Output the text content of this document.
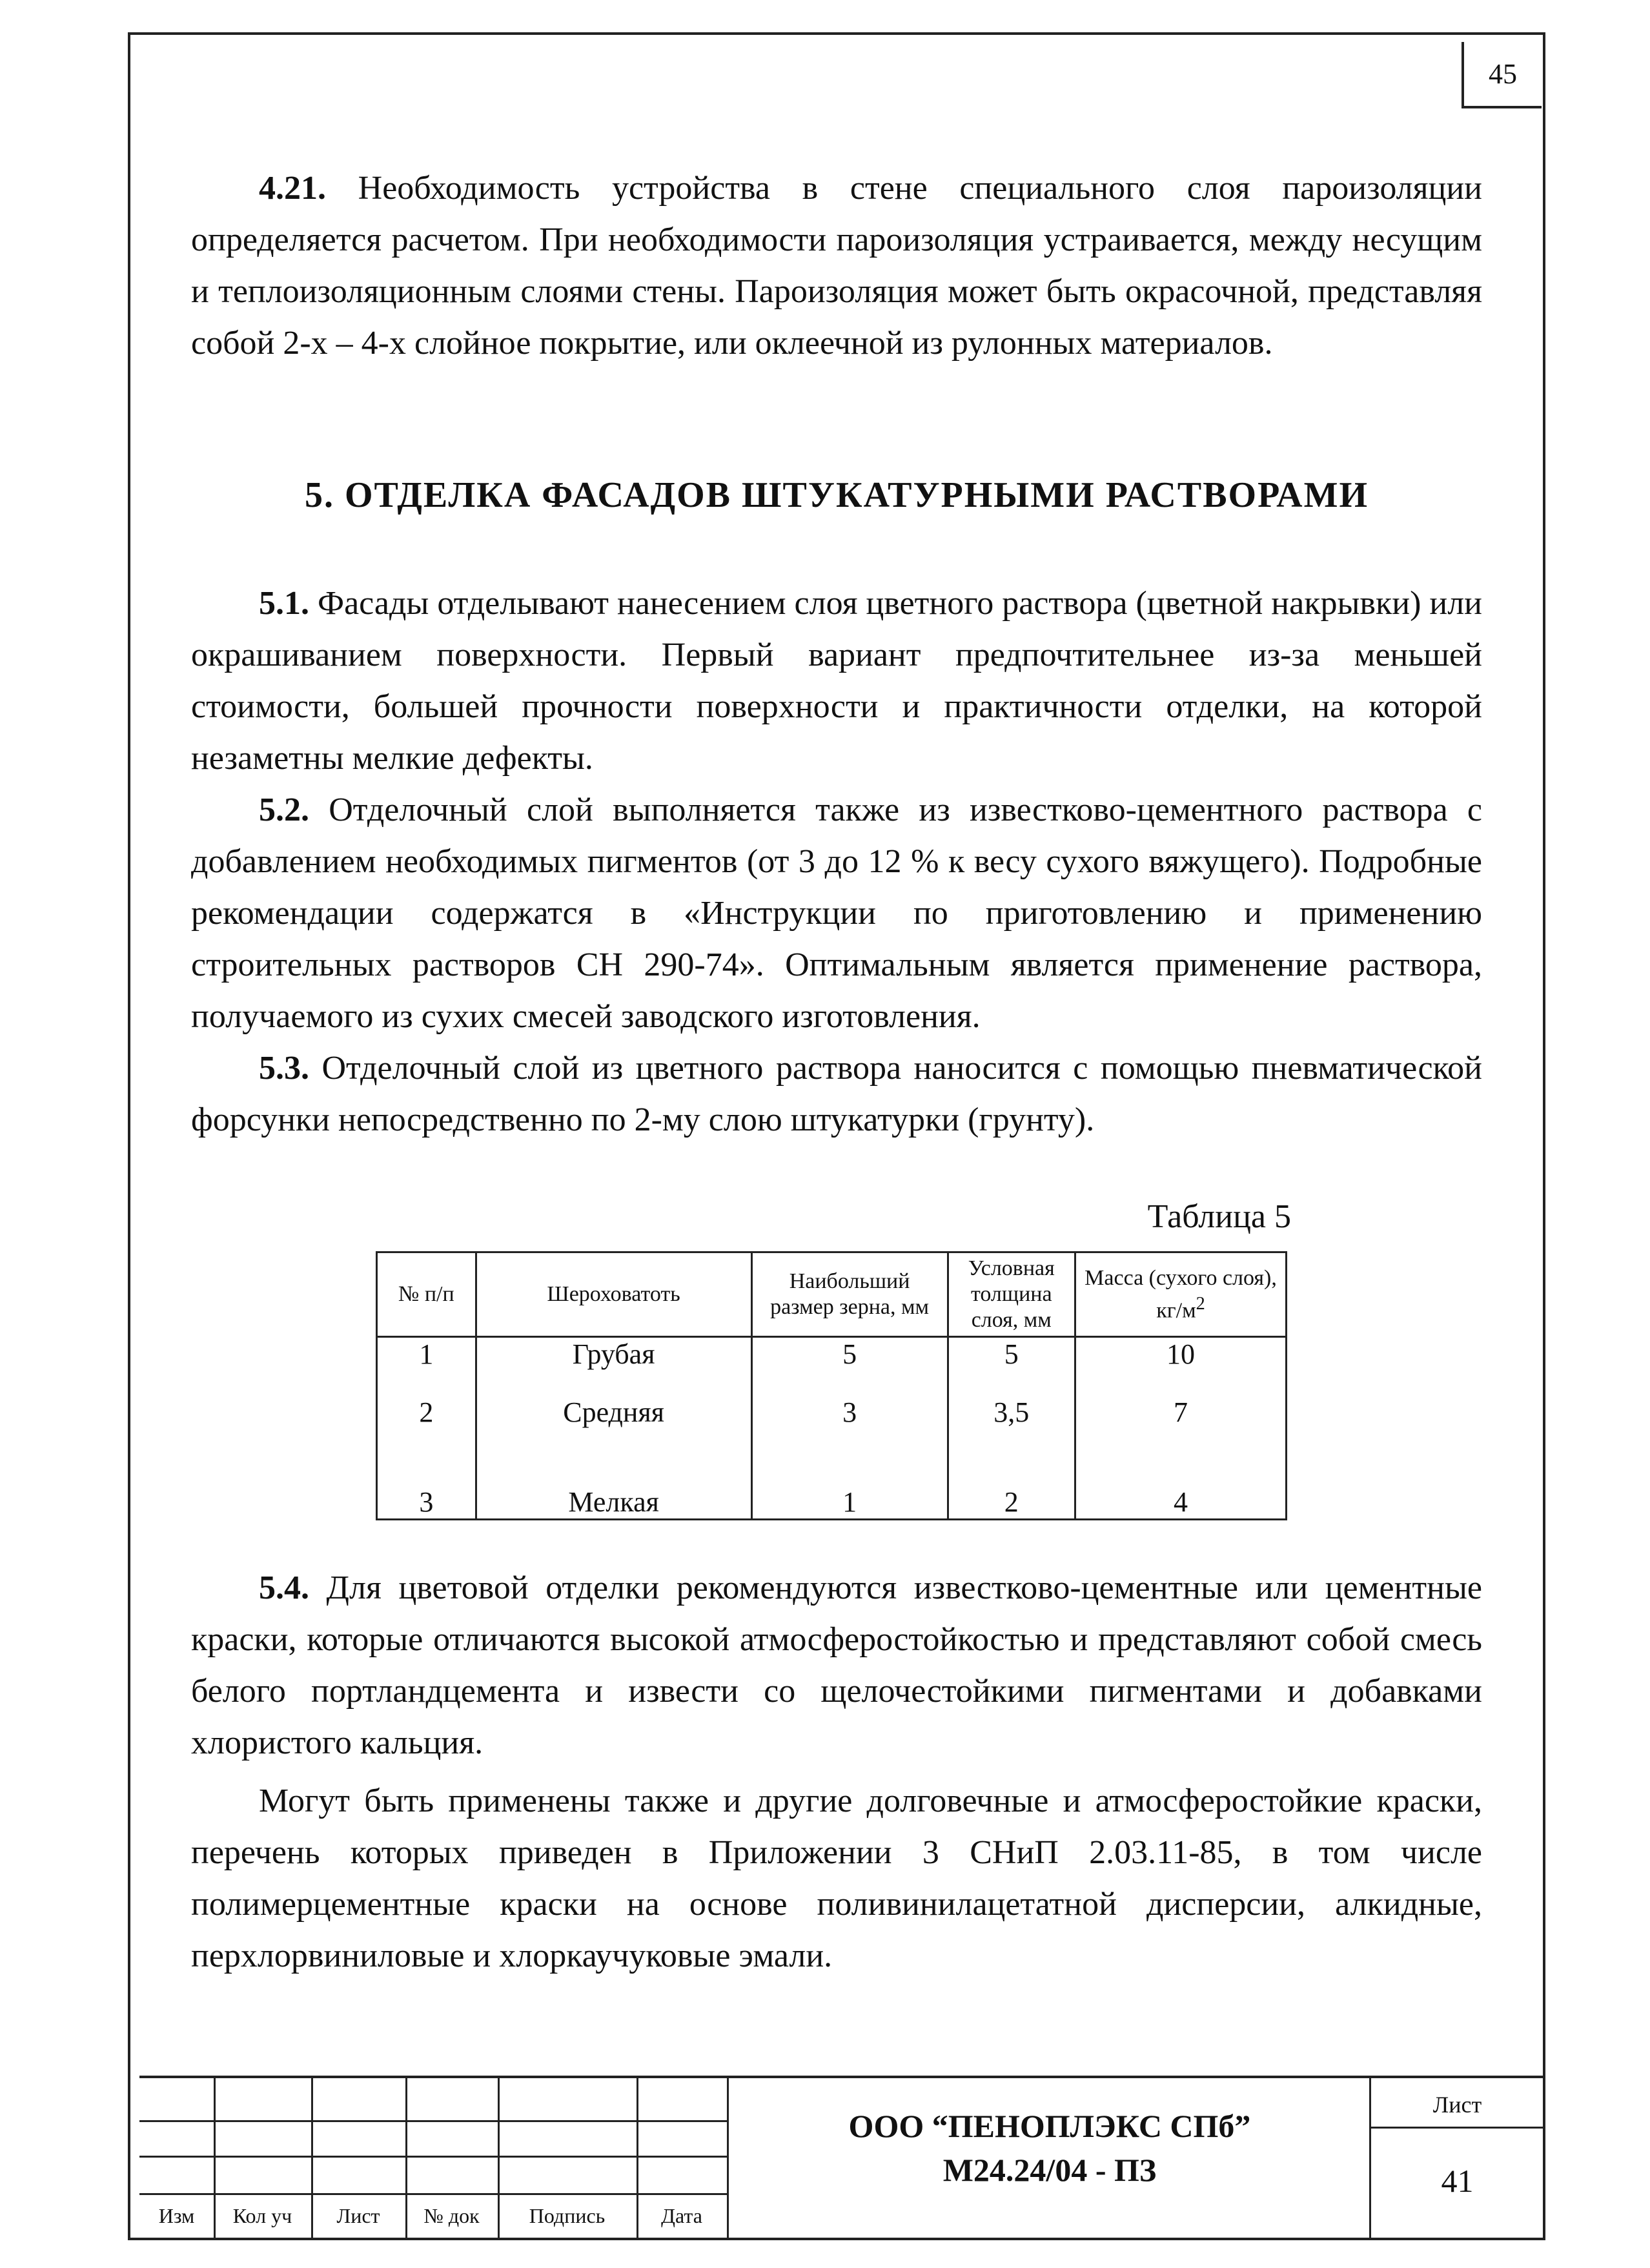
45

4.21. Необходимость устройства в стене специального слоя пароизоляции определяется расчетом. При необходимости пароизоляция устраивается, между несущим и теплоизоляционным слоями стены. Пароизоляция может быть окрасочной, представляя собой 2-х – 4-х слойное покрытие, или оклеечной из рулонных материалов.

5. ОТДЕЛКА ФАСАДОВ ШТУКАТУРНЫМИ РАСТВОРАМИ

5.1. Фасады отделывают нанесением слоя цветного раствора (цветной накрывки) или окрашиванием поверхности. Первый вариант предпочтительнее из-за меньшей стоимости, большей прочности поверхности и практичности отделки, на которой незаметны мелкие дефекты.

5.2. Отделочный слой выполняется также из известково-цементного раствора с добавлением необходимых пигментов (от 3 до 12 % к весу сухого вяжущего). Подробные рекомендации содержатся в «Инструкции по приготовлению и применению строительных растворов СН 290-74». Оптимальным является применение раствора, получаемого из сухих смесей заводского изготовления.

5.3. Отделочный слой из цветного раствора наносится с помощью пневматической форсунки непосредственно по 2-му слою штукатурки (грунту).

Таблица 5
№ п/п	Шероховатоть	Наибольший размер зерна, мм	Условная толщина слоя, мм	Масса (сухого слоя), $кг/м^2$
1	Грубая	5	5	10
2	Средняя	3	3,5	7
3	Мелкая	1	2	4

5.4. Для цветовой отделки рекомендуются известково-цементные или цементные краски, которые отличаются высокой атмосферостойкостью и представляют собой смесь белого портландцемента и извести со щелочестойкими пигментами и добавками хлористого кальция.

Могут быть применены также и другие долговечные и атмосферостойкие краски, перечень которых приведен в Приложении 3 СНиП 2.03.11-85, в том числе полимерцементные краски на основе поливинилацетатной дисперсии, алкидные, перхлорвиниловые и хлоркаучуковые эмали.

Изм	Кол уч	Лист	№ док	Подпись	Дата
ООО “ПЕНОПЛЭКС СПб”
М24.24/04 - ПЗ
Лист
41
